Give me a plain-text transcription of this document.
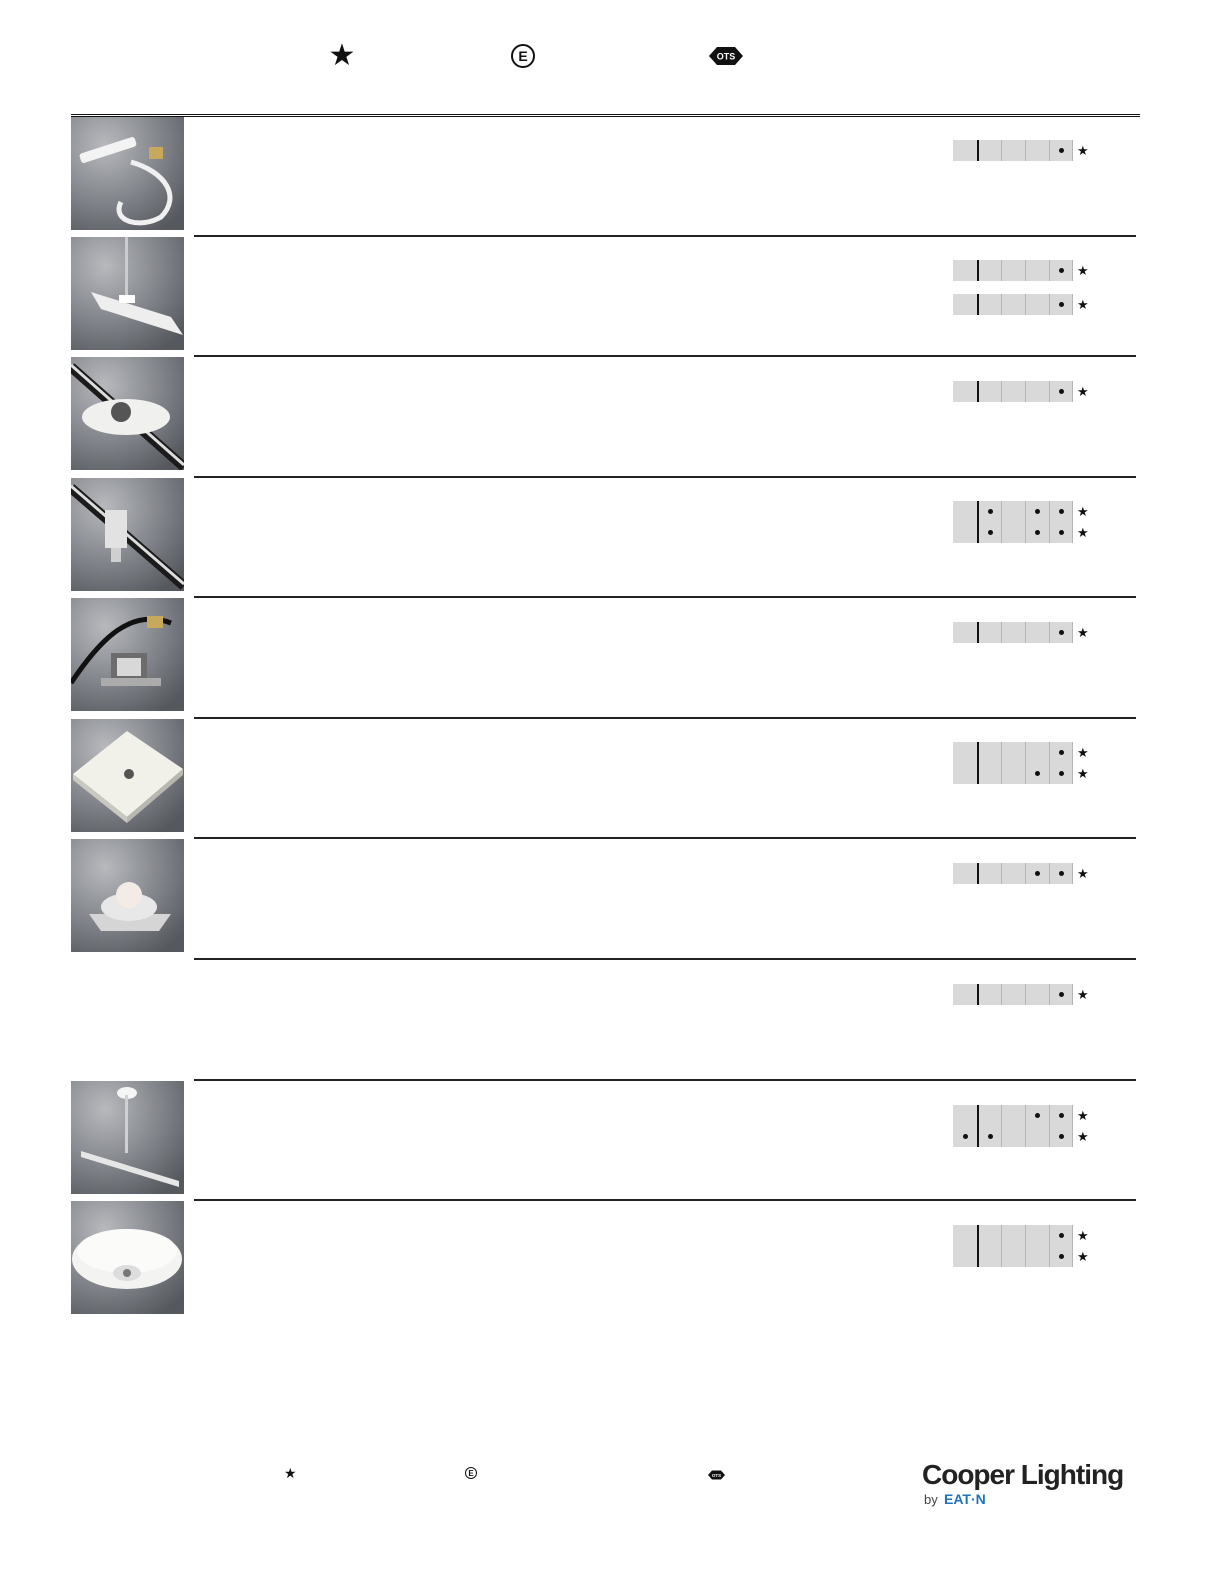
★	E	OTS
★
★
★
★
★
★
★
★
★
★
★
★
★
★
★
★	E	OTS	Cooper Lighting
by EAT·N
